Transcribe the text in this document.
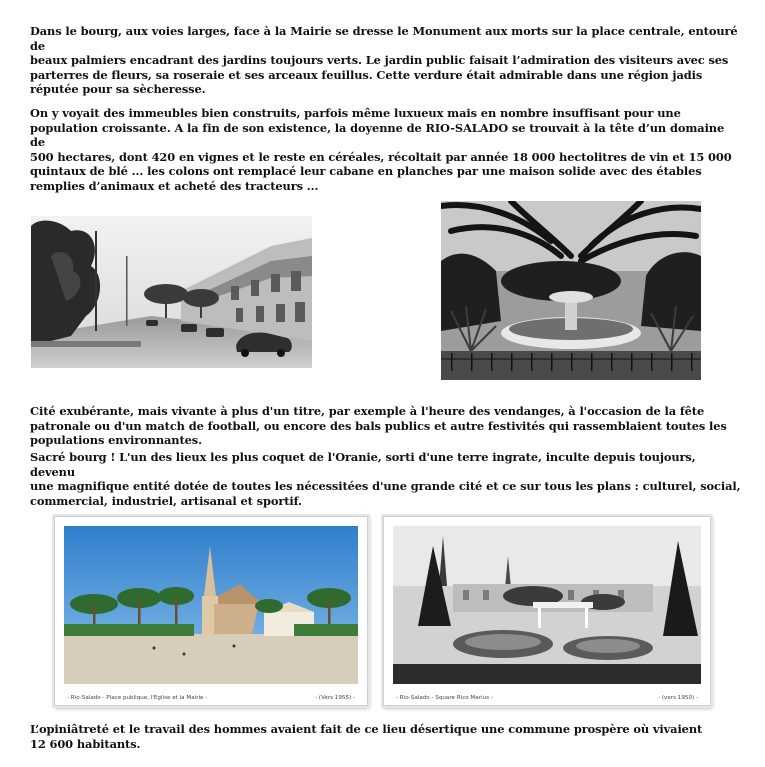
Dans le bourg, aux voies larges, face à la Mairie se dresse le Monument aux morts sur la place centrale, entouré de
beaux palmiers encadrant des jardins toujours verts. Le jardin public faisait l’admiration des visiteurs avec ses
parterres de fleurs, sa roseraie et ses arceaux feuillus. Cette verdure était admirable dans une région jadis
réputée pour sa sècheresse.

On y voyait des immeubles bien construits, parfois même luxueux mais en nombre insuffisant pour une
population croissante. A la fin de son existence, la doyenne de RIO-SALADO se trouvait à la tête d’un domaine de
500 hectares, dont 420 en vignes et le reste en céréales, récoltait par année 18 000 hectolitres de vin et 15 000
quintaux de blé ... les colons ont remplacé leur cabane en planches par une maison solide avec des étables
remplies d’animaux et acheté des tracteurs ...

Cité exubérante, mais vivante à plus d'un titre, par exemple à l'heure des vendanges, à l'occasion de la fête
patronale ou d'un match de football, ou encore des bals publics et autre festivités qui rassemblaient toutes les
populations environnantes.

Sacré bourg ! L'un des lieux les plus coquet de l'Oranie, sorti d'une terre ingrate, inculte depuis toujours, devenu
une magnifique entité dotée de toutes les nécessitées d'une grande cité et ce sur tous les plans : culturel, social,
commercial, industriel, artisanal et sportif.

- Rio-Salado - Place publique, l'Eglise et la Mairie -	- (Vers 1955) -	- Rio-Salado - Square Rico Marius -	- (vers 1950) -

L’opiniâtreté et le travail des hommes avaient fait de ce lieu désertique une commune prospère où vivaient
12 600 habitants.
